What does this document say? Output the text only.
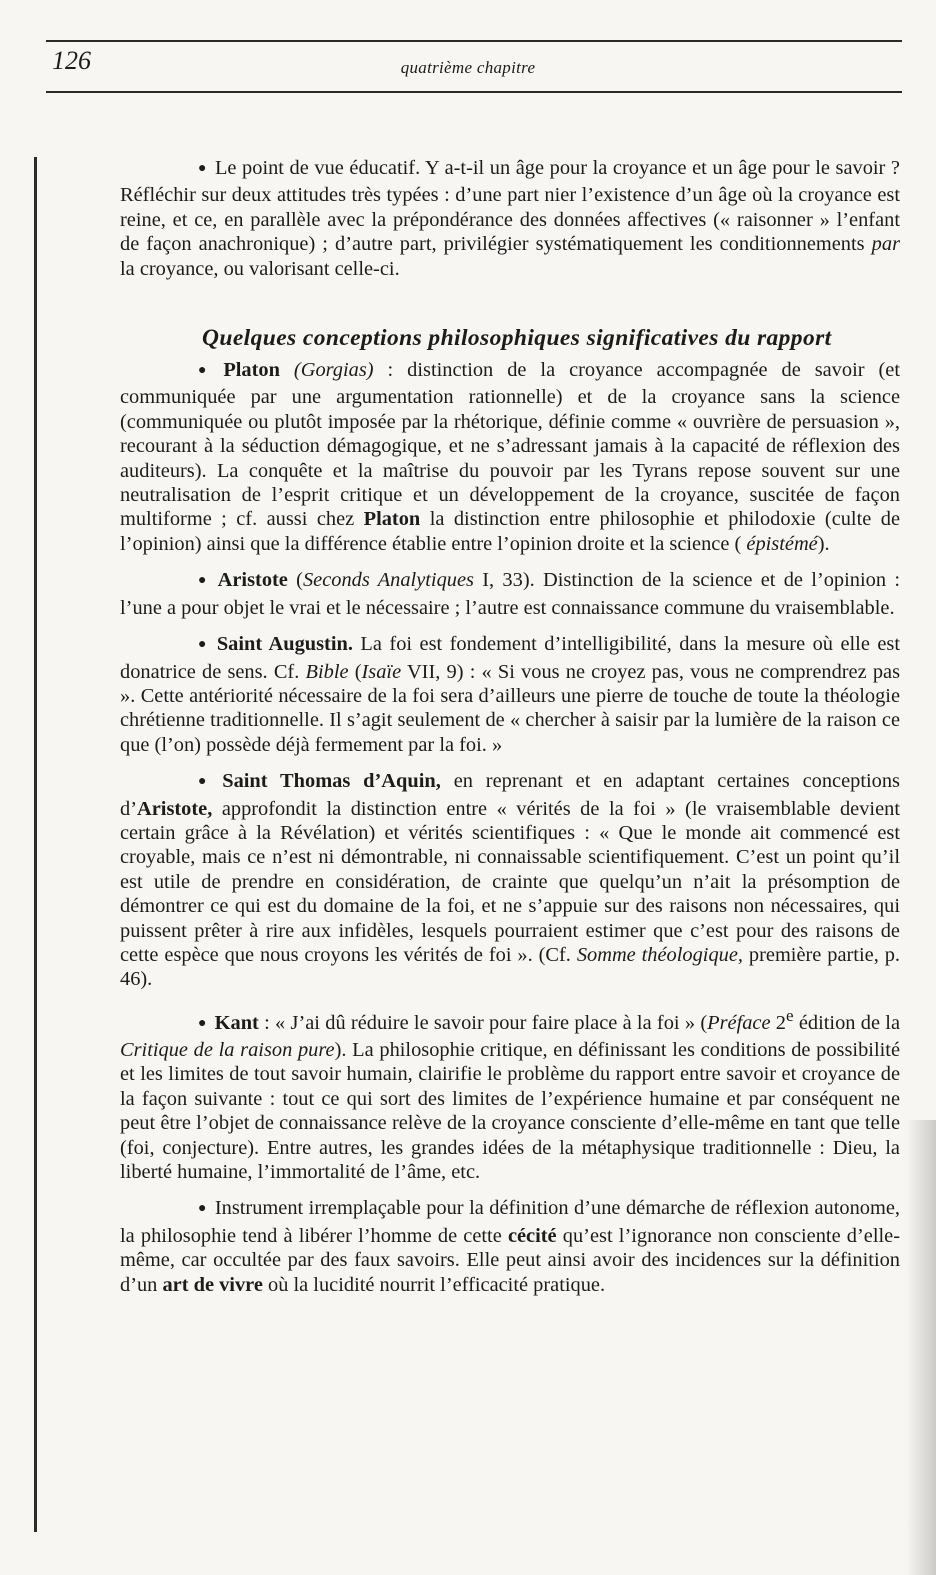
126	quatrième chapitre

● Le point de vue éducatif. Y a-t-il un âge pour la croyance et un âge pour le savoir ? Réfléchir sur deux attitudes très typées : d’une part nier l’existence d’un âge où la croyance est reine, et ce, en parallèle avec la prépondérance des données affectives (« raisonner » l’enfant de façon anachronique) ; d’autre part, privilégier systématiquement les conditionnements par la croyance, ou valorisant celle-ci.

Quelques conceptions philosophiques significatives du rapport

● Platon (Gorgias) : distinction de la croyance accompagnée de savoir (et communiquée par une argumentation rationnelle) et de la croyance sans la science (communiquée ou plutôt imposée par la rhétorique, définie comme « ouvrière de persuasion », recourant à la séduction démagogique, et ne s’adressant jamais à la capacité de réflexion des auditeurs). La conquête et la maîtrise du pouvoir par les Tyrans repose souvent sur une neutralisation de l’esprit critique et un développement de la croyance, suscitée de façon multiforme ; cf. aussi chez Platon la distinction entre philosophie et philodoxie (culte de l’opinion) ainsi que la différence établie entre l’opinion droite et la science ( épistémé).

● Aristote (Seconds Analytiques I, 33). Distinction de la science et de l’opinion : l’une a pour objet le vrai et le nécessaire ; l’autre est connaissance commune du vraisemblable.

● Saint Augustin. La foi est fondement d’intelligibilité, dans la mesure où elle est donatrice de sens. Cf. Bible (Isaïe VII, 9) : « Si vous ne croyez pas, vous ne comprendrez pas ». Cette antériorité nécessaire de la foi sera d’ailleurs une pierre de touche de toute la théologie chrétienne traditionnelle. Il s’agit seulement de « chercher à saisir par la lumière de la raison ce que (l’on) possède déjà fermement par la foi. »

● Saint Thomas d’Aquin, en reprenant et en adaptant certaines conceptions d’Aristote, approfondit la distinction entre « vérités de la foi » (le vraisemblable devient certain grâce à la Révélation) et vérités scientifiques : « Que le monde ait commencé est croyable, mais ce n’est ni démontrable, ni connaissable scientifiquement. C’est un point qu’il est utile de prendre en considération, de crainte que quelqu’un n’ait la présomption de démontrer ce qui est du domaine de la foi, et ne s’appuie sur des raisons non nécessaires, qui puissent prêter à rire aux infidèles, lesquels pourraient estimer que c’est pour des raisons de cette espèce que nous croyons les vérités de foi ». (Cf. Somme théologique, première partie, p. 46).

● Kant : « J’ai dû réduire le savoir pour faire place à la foi » (Préface 2e édition de la Critique de la raison pure). La philosophie critique, en définissant les conditions de possibilité et les limites de tout savoir humain, clairifie le problème du rapport entre savoir et croyance de la façon suivante : tout ce qui sort des limites de l’expérience humaine et par conséquent ne peut être l’objet de connaissance relève de la croyance consciente d’elle-même en tant que telle (foi, conjecture). Entre autres, les grandes idées de la métaphysique traditionnelle : Dieu, la liberté humaine, l’immortalité de l’âme, etc.

● Instrument irremplaçable pour la définition d’une démarche de réflexion autonome, la philosophie tend à libérer l’homme de cette cécité qu’est l’ignorance non consciente d’elle-même, car occultée par des faux savoirs. Elle peut ainsi avoir des incidences sur la définition d’un art de vivre où la lucidité nourrit l’efficacité pratique.
